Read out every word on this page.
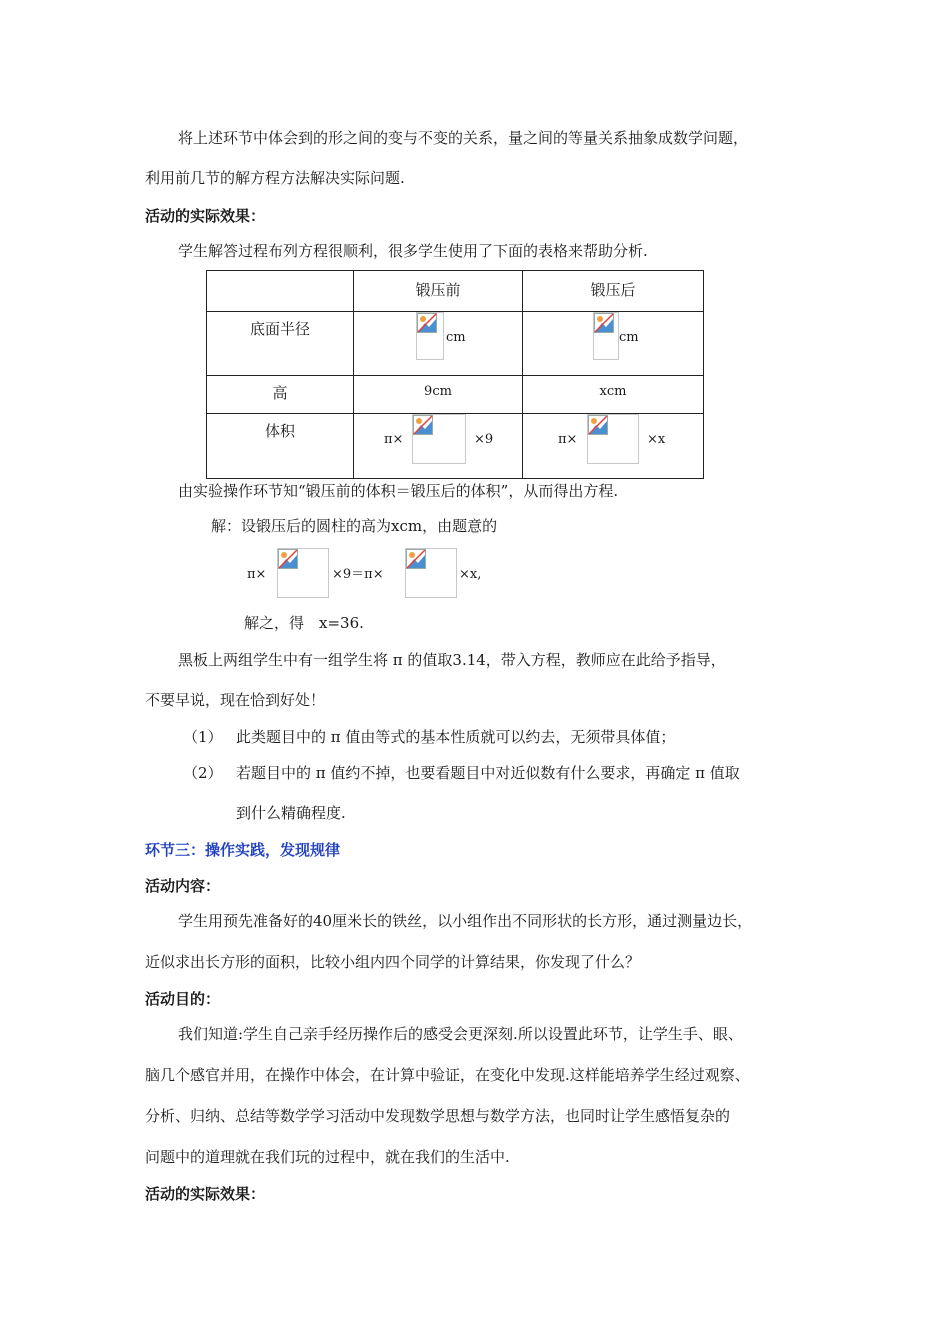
将上述环节中体会到的形之间的变与不变的关系，量之间的等量关系抽象成数学问题，
利用前几节的解方程方法解决实际问题.
活动的实际效果：
学生解答过程布列方程很顺利，很多学生使用了下面的表格来帮助分析.
	锻压前	锻压后
底面半径	cm	cm

高	9cm	xcm
体积	π× ×9	π× ×x
由实验操作环节知“锻压前的体积＝锻压后的体积”，从而得出方程.
解：设锻压后的圆柱的高为xcm，由题意的
π×	×9＝π×	×x,
解之，得　x=36.
黑板上两组学生中有一组学生将 π 的值取3.14，带入方程，教师应在此给予指导，
不要早说，现在恰到好处！
（1） 此类题目中的 π 值由等式的基本性质就可以约去，无须带具体值；
（2） 若题目中的 π 值约不掉，也要看题目中对近似数有什么要求，再确定 π 值取
到什么精确程度.
环节三：操作实践，发现规律
活动内容：
学生用预先准备好的40厘米长的铁丝，以小组作出不同形状的长方形，通过测量边长，
近似求出长方形的面积，比较小组内四个同学的计算结果，你发现了什么？
活动目的：
我们知道:学生自己亲手经历操作后的感受会更深刻.所以设置此环节，让学生手、眼、
脑几个感官并用，在操作中体会，在计算中验证，在变化中发现.这样能培养学生经过观察、
分析、归纳、总结等数学学习活动中发现数学思想与数学方法，也同时让学生感悟复杂的
问题中的道理就在我们玩的过程中，就在我们的生活中.
活动的实际效果：
